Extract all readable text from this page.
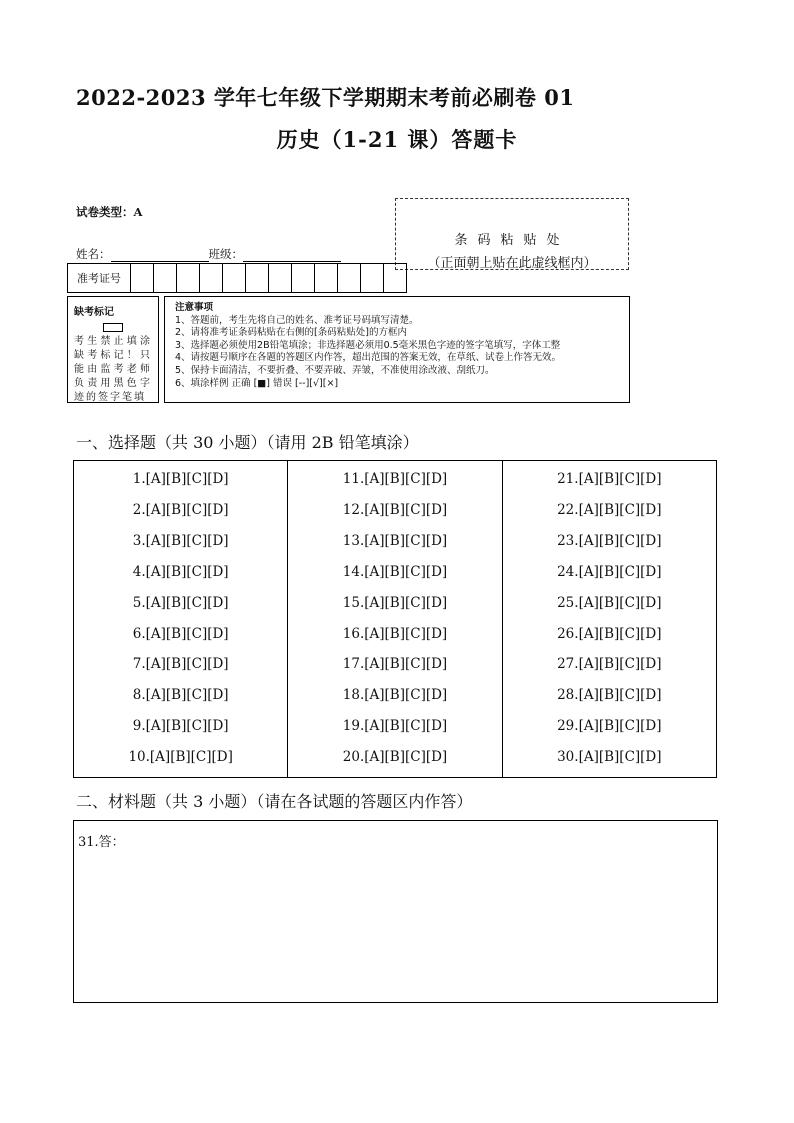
2022-2023 学年七年级下学期期末考前必刷卷 01
历史（1-21 课）答题卡
试卷类型：A
姓名：	班级：
条码粘贴处
（正面朝上贴在此虚线框内）
准考证号
缺考标记
考生禁止填涂缺考标记！只能由监考老师负责用黑色字迹的签字笔填
注意事项
1、答题前，考生先将自己的姓名、准考证号码填写清楚。
2、请将准考证条码粘贴在右侧的[条码粘贴处]的方框内
3、选择题必须使用2B铅笔填涂；非选择题必须用0.5毫米黑色字迹的签字笔填写，字体工整
4、请按题号顺序在各题的答题区内作答，超出范围的答案无效，在草纸、试卷上作答无效。
5、保持卡面清洁，不要折叠、不要弄破、弄皱，不准使用涂改液、刮纸刀。
6、填涂样例 正确 [■] 错误 [--][√][×]
一、选择题（共 30 小题）（请用 2B 铅笔填涂）
1.[A][B][C][D]
2.[A][B][C][D]
3.[A][B][C][D]
4.[A][B][C][D]
5.[A][B][C][D]
6.[A][B][C][D]
7.[A][B][C][D]
8.[A][B][C][D]
9.[A][B][C][D]
10.[A][B][C][D]
11.[A][B][C][D]
12.[A][B][C][D]
13.[A][B][C][D]
14.[A][B][C][D]
15.[A][B][C][D]
16.[A][B][C][D]
17.[A][B][C][D]
18.[A][B][C][D]
19.[A][B][C][D]
20.[A][B][C][D]
21.[A][B][C][D]
22.[A][B][C][D]
23.[A][B][C][D]
24.[A][B][C][D]
25.[A][B][C][D]
26.[A][B][C][D]
27.[A][B][C][D]
28.[A][B][C][D]
29.[A][B][C][D]
30.[A][B][C][D]
二、材料题（共 3 小题）（请在各试题的答题区内作答）
31.答：
